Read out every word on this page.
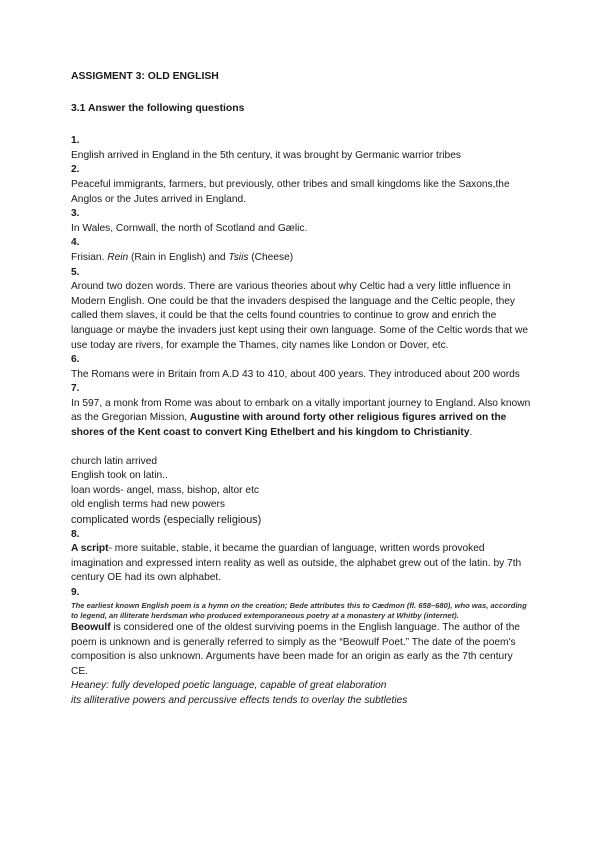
ASSIGMENT 3: OLD ENGLISH

3.1 Answer the following questions

1.

English arrived in England in the 5th century, it was brought by Germanic warrior tribes

2.

Peaceful immigrants, farmers, but previously, other tribes and small kingdoms like the Saxons,the Anglos or the Jutes arrived in England.

3.

In Wales, Cornwall, the north of Scotland and Gælic.

4.

Frisian. Rein (Rain in English) and Tsiis (Cheese)

5.

Around two dozen words. There are various theories about why Celtic had a very little influence in Modern English. One could be that the invaders despised the language and the Celtic people, they called them slaves, it could be that the celts found countries to continue to grow and enrich the language or maybe the invaders just kept using their own language. Some of the Celtic words that we use today are rivers, for example the Thames, city names like London or Dover, etc.

6.

The Romans were in Britain from A.D 43 to 410, about 400 years. They introduced about 200 words

7.

In 597, a monk from Rome was about to embark on a vitally important journey to England. Also known as the Gregorian Mission, Augustine with around forty other religious figures arrived on the shores of the Kent coast to convert King Ethelbert and his kingdom to Christianity.

church latin arrived

English took on latin..

loan words- angel, mass, bishop, altor etc

old english terms had new powers

complicated words (especially religious)

8.

A script- more suitable, stable, it became the guardian of language, written words provoked imagination and expressed intern reality as well as outside, the alphabet grew out of the latin. by 7th century OE had its own alphabet.

9.

The earliest known English poem is a hymn on the creation; Bede attributes this to Cædmon (fl. 658–680), who was, according to legend, an illiterate herdsman who produced extemporaneous poetry at a monastery at Whitby (internet).

Beowulf is considered one of the oldest surviving poems in the English language. The author of the poem is unknown and is generally referred to simply as the “Beowulf Poet.” The date of the poem's composition is also unknown. Arguments have been made for an origin as early as the 7th century CE.

Heaney: fully developed poetic language, capable of great elaboration

its alliterative powers and percussive effects tends to overlay the subtleties
